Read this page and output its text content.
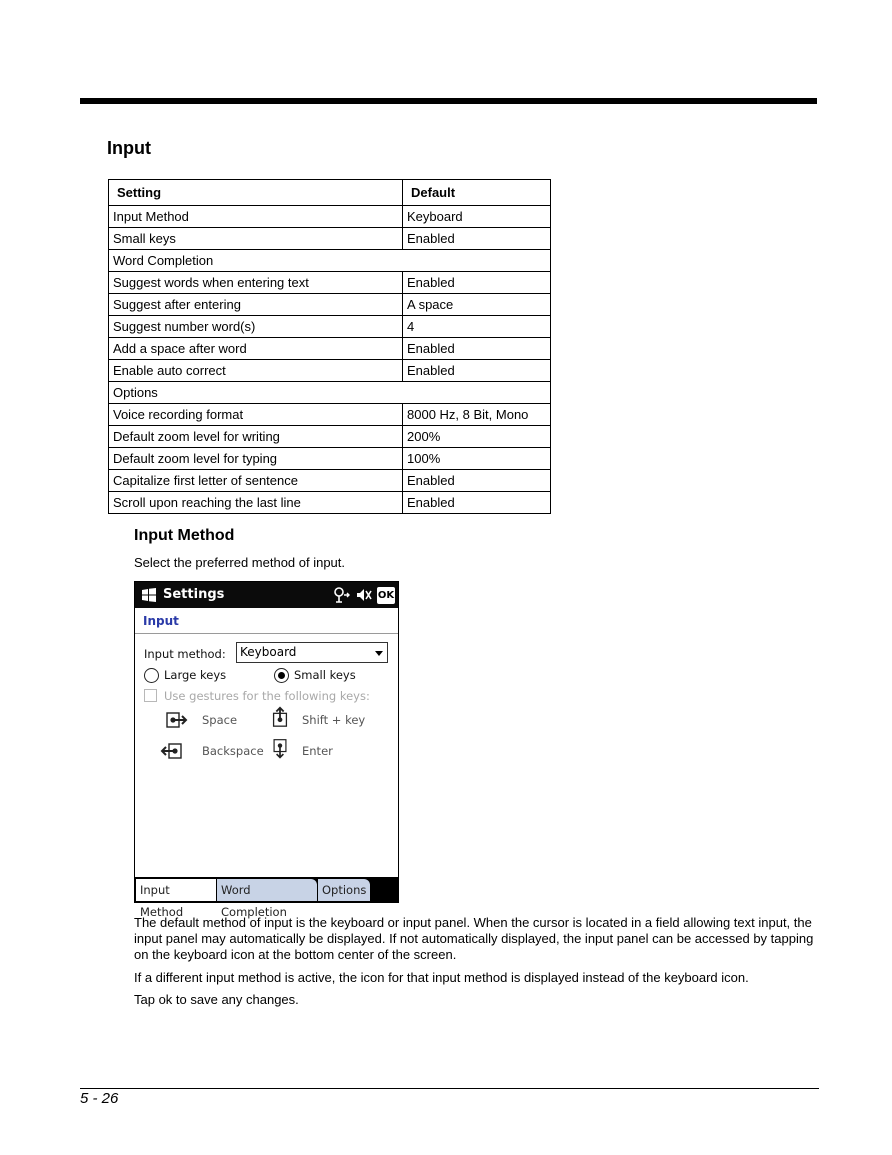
Input
Setting	Default
Input Method	Keyboard
Small keys	Enabled
Word Completion	
Suggest words when entering text	Enabled
Suggest after entering	A space
Suggest number word(s)	4
Add a space after word	Enabled
Enable auto correct	Enabled
Options	
Voice recording format	8000 Hz, 8 Bit, Mono
Default zoom level for writing	200%
Default zoom level for typing	100%
Capitalize first letter of sentence	Enabled
Scroll upon reaching the last line	Enabled
Input Method

Select the preferred method of input.

Settings	OK
Input
Input method: Keyboard
Large keys	Small keys
Use gestures for the following keys:
Space	Shift + key
Backspace	Enter
Input Method
Word Completion
Options

The default method of input is the keyboard or input panel. When the cursor is located in a field allowing text input, the input panel may automatically be displayed. If not automatically displayed, the input panel can be accessed by tapping on the keyboard icon at the bottom center of the screen.

If a different input method is active, the icon for that input method is displayed instead of the keyboard icon.

Tap ok to save any changes.

5 - 26
